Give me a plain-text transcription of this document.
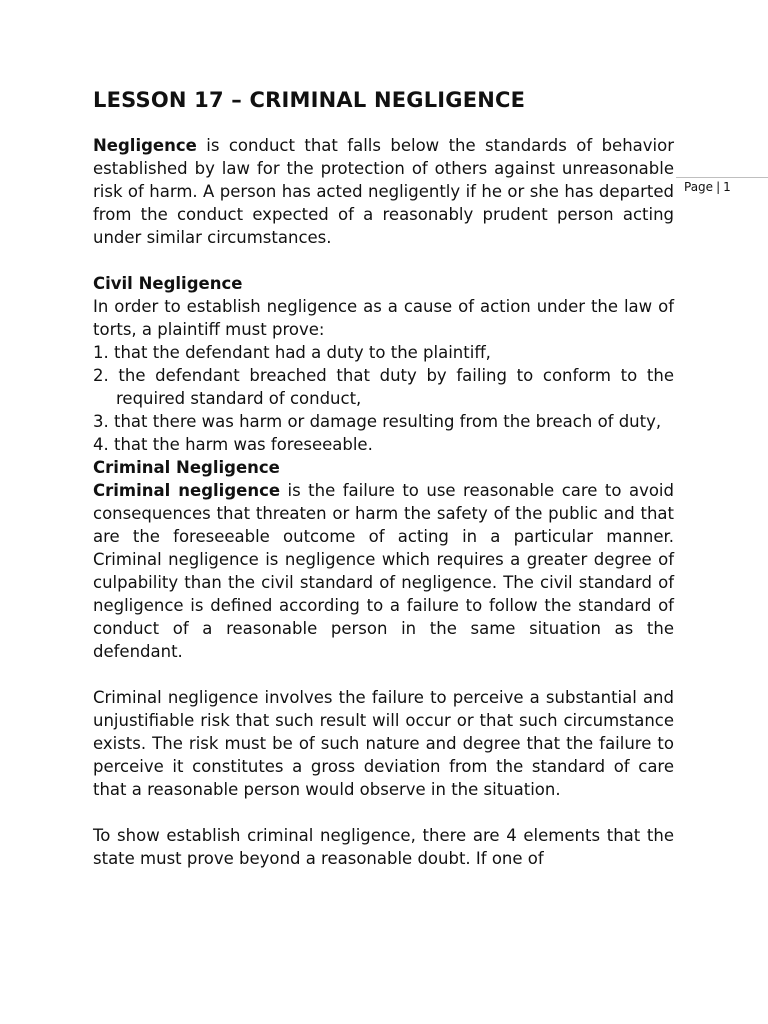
LESSON 17 – CRIMINAL NEGLIGENCE

Negligence is conduct that falls below the standards of behavior established by law for the protection of others against unreasonable risk of harm. A person has acted negligently if he or she has departed from the conduct expected of a reasonably prudent person acting under similar circumstances.

Civil Negligence

In order to establish negligence as a cause of action under the law of torts, a plaintiff must prove:

1. that the defendant had a duty to the plaintiff,

2. the defendant breached that duty by failing to conform to the required standard of conduct,

3. that there was harm or damage resulting from the breach of duty,

4. that the harm was foreseeable.

Criminal Negligence

Criminal negligence is the failure to use reasonable care to avoid consequences that threaten or harm the safety of the public and that are the foreseeable outcome of acting in a particular manner. Criminal negligence is negligence which requires a greater degree of culpability than the civil standard of negligence. The civil standard of negligence is defined according to a failure to follow the standard of conduct of a reasonable person in the same situation as the defendant.

Criminal negligence involves the failure to perceive a substantial and unjustifiable risk that such result will occur or that such circumstance exists. The risk must be of such nature and degree that the failure to perceive it constitutes a gross deviation from the standard of care that a reasonable person would observe in the situation.

To show establish criminal negligence, there are 4 elements that the state must prove beyond a reasonable doubt. If one of

Page | 1
